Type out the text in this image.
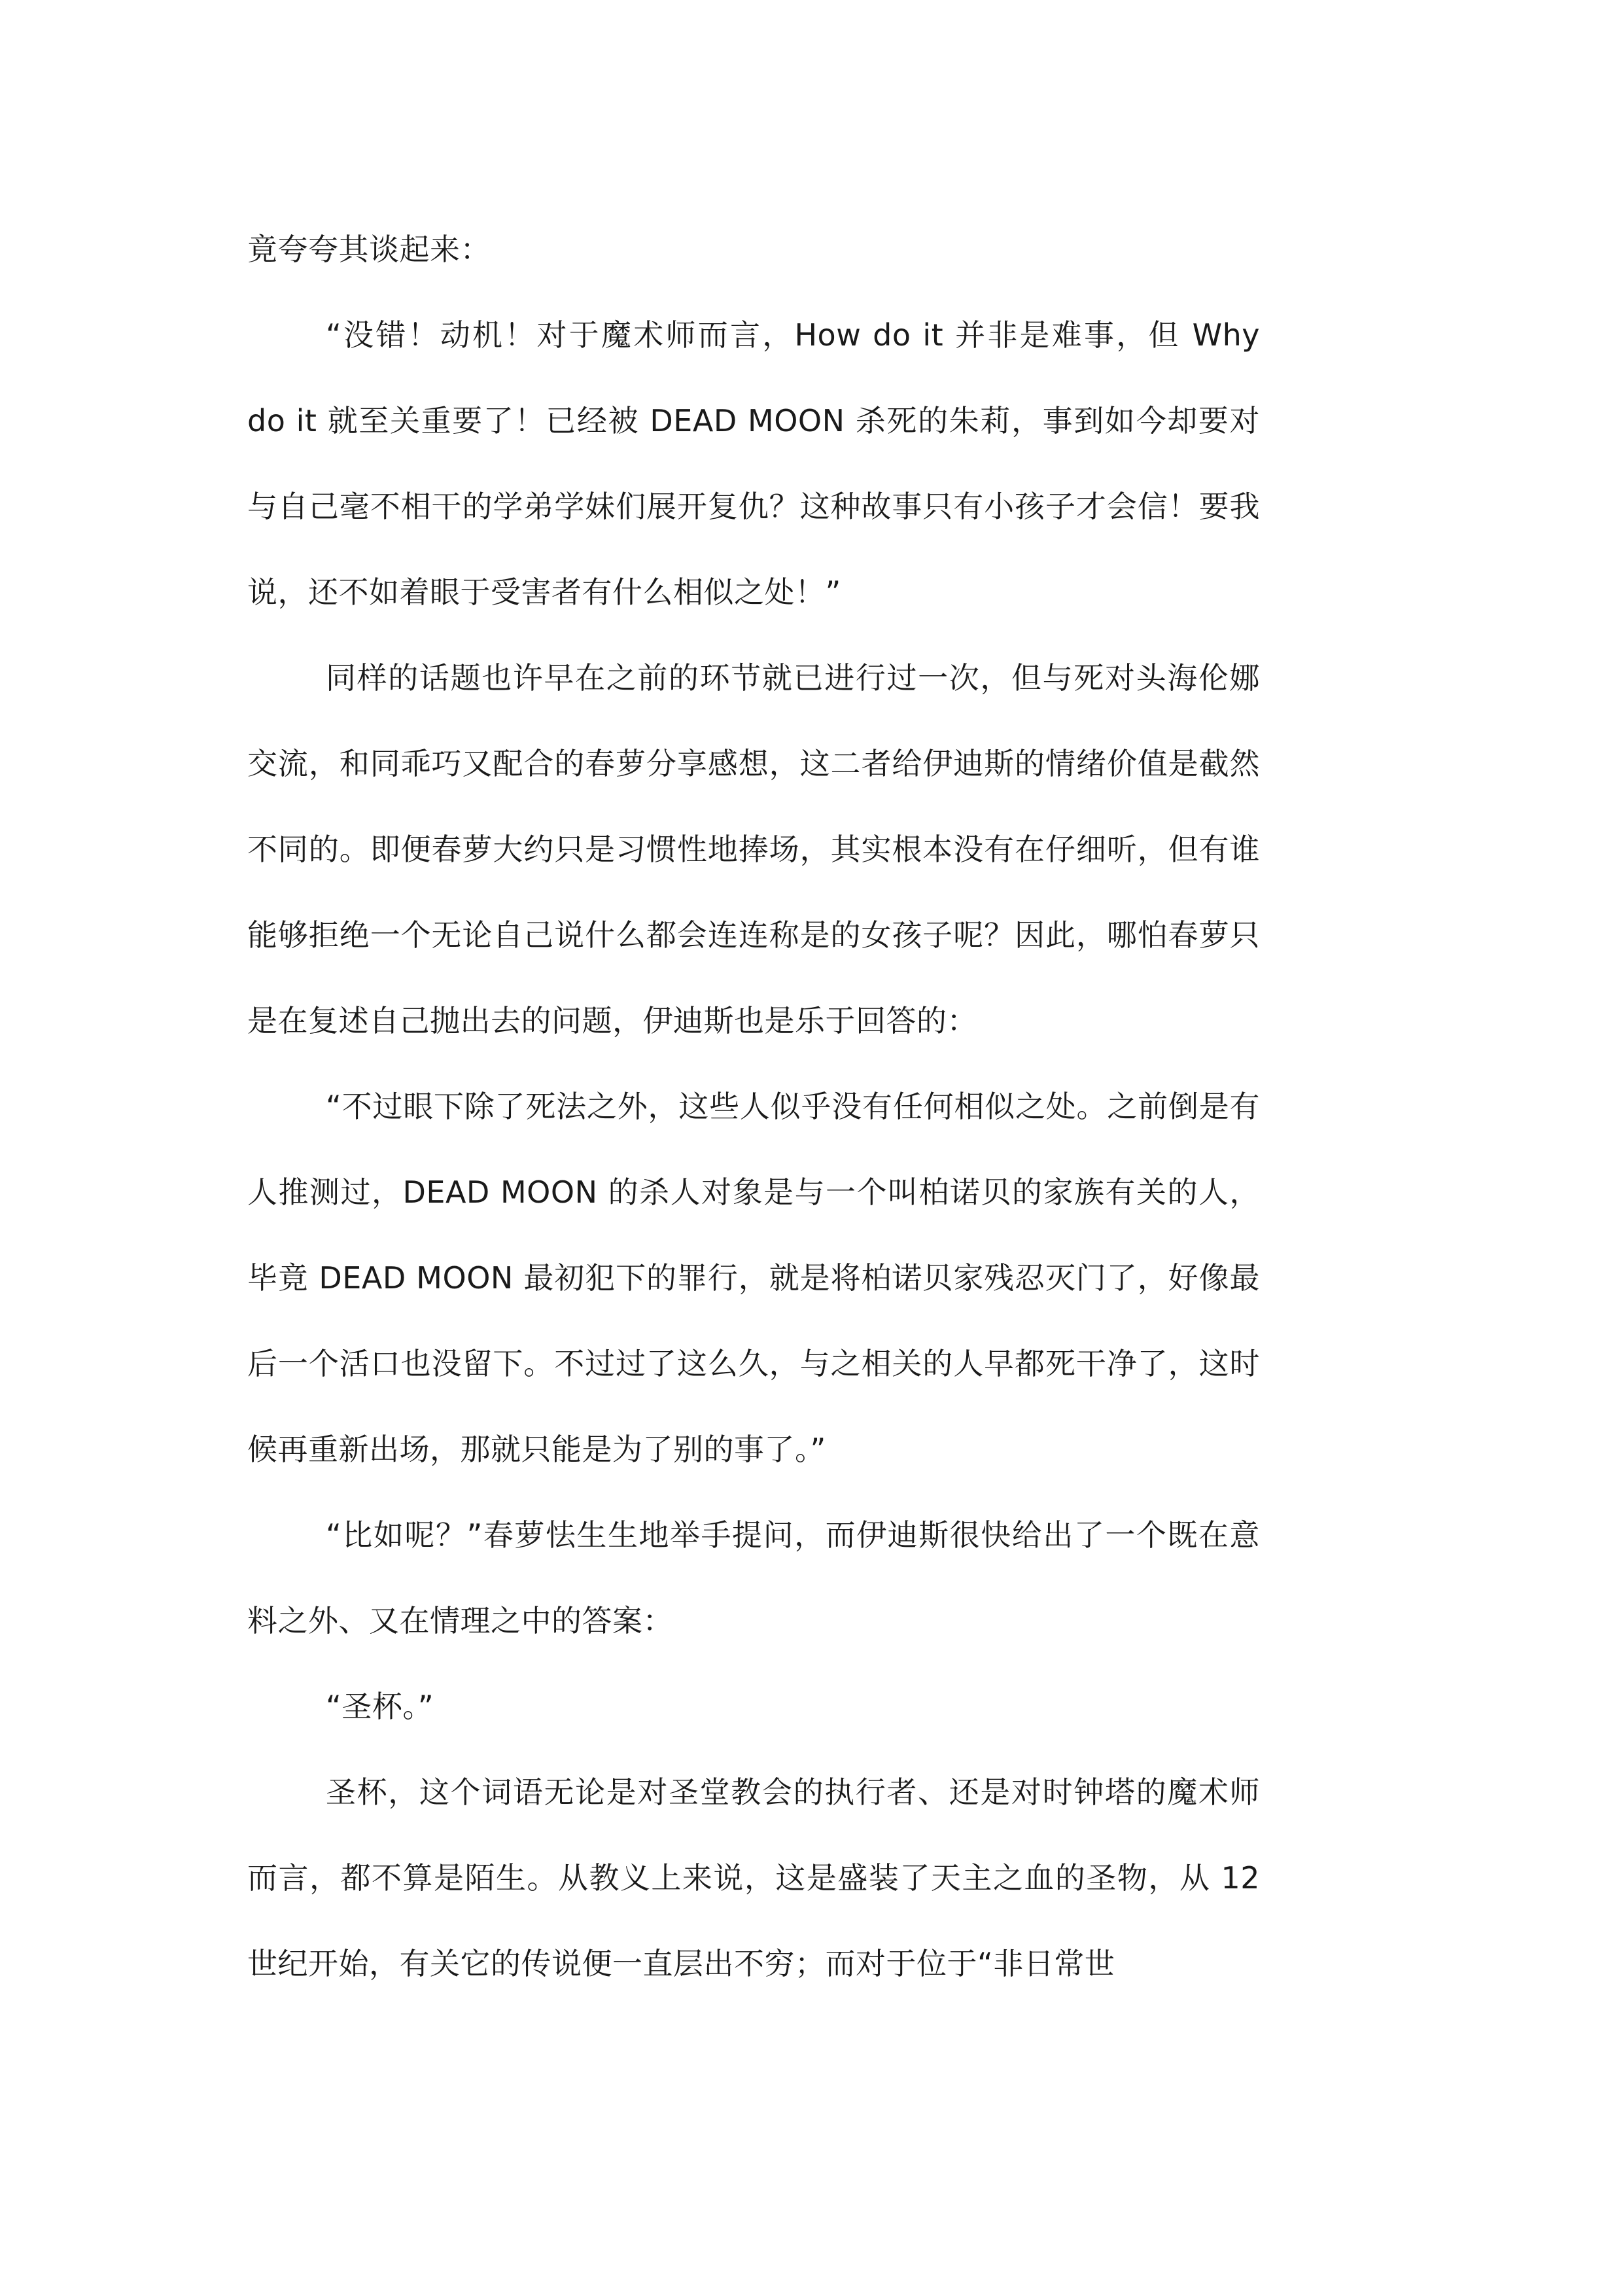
竟夸夸其谈起来：

“没错！动机！对于魔术师而言，How do it 并非是难事，但 Why do it 就至关重要了！已经被 DEAD MOON 杀死的朱莉，事到如今却要对与自己毫不相干的学弟学妹们展开复仇？这种故事只有小孩子才会信！要我说，还不如着眼于受害者有什么相似之处！”

同样的话题也许早在之前的环节就已进行过一次，但与死对头海伦娜交流，和同乖巧又配合的春萝分享感想，这二者给伊迪斯的情绪价值是截然不同的。即便春萝大约只是习惯性地捧场，其实根本没有在仔细听，但有谁能够拒绝一个无论自己说什么都会连连称是的女孩子呢？因此，哪怕春萝只是在复述自己抛出去的问题，伊迪斯也是乐于回答的：

“不过眼下除了死法之外，这些人似乎没有任何相似之处。之前倒是有人推测过，DEAD MOON 的杀人对象是与一个叫柏诺贝的家族有关的人，毕竟 DEAD MOON 最初犯下的罪行，就是将柏诺贝家残忍灭门了，好像最后一个活口也没留下。不过过了这么久，与之相关的人早都死干净了，这时候再重新出场，那就只能是为了别的事了。”

“比如呢？”春萝怯生生地举手提问，而伊迪斯很快给出了一个既在意料之外、又在情理之中的答案：

“圣杯。”

圣杯，这个词语无论是对圣堂教会的执行者、还是对时钟塔的魔术师而言，都不算是陌生。从教义上来说，这是盛装了天主之血的圣物，从 12 世纪开始，有关它的传说便一直层出不穷；而对于位于“非日常世
